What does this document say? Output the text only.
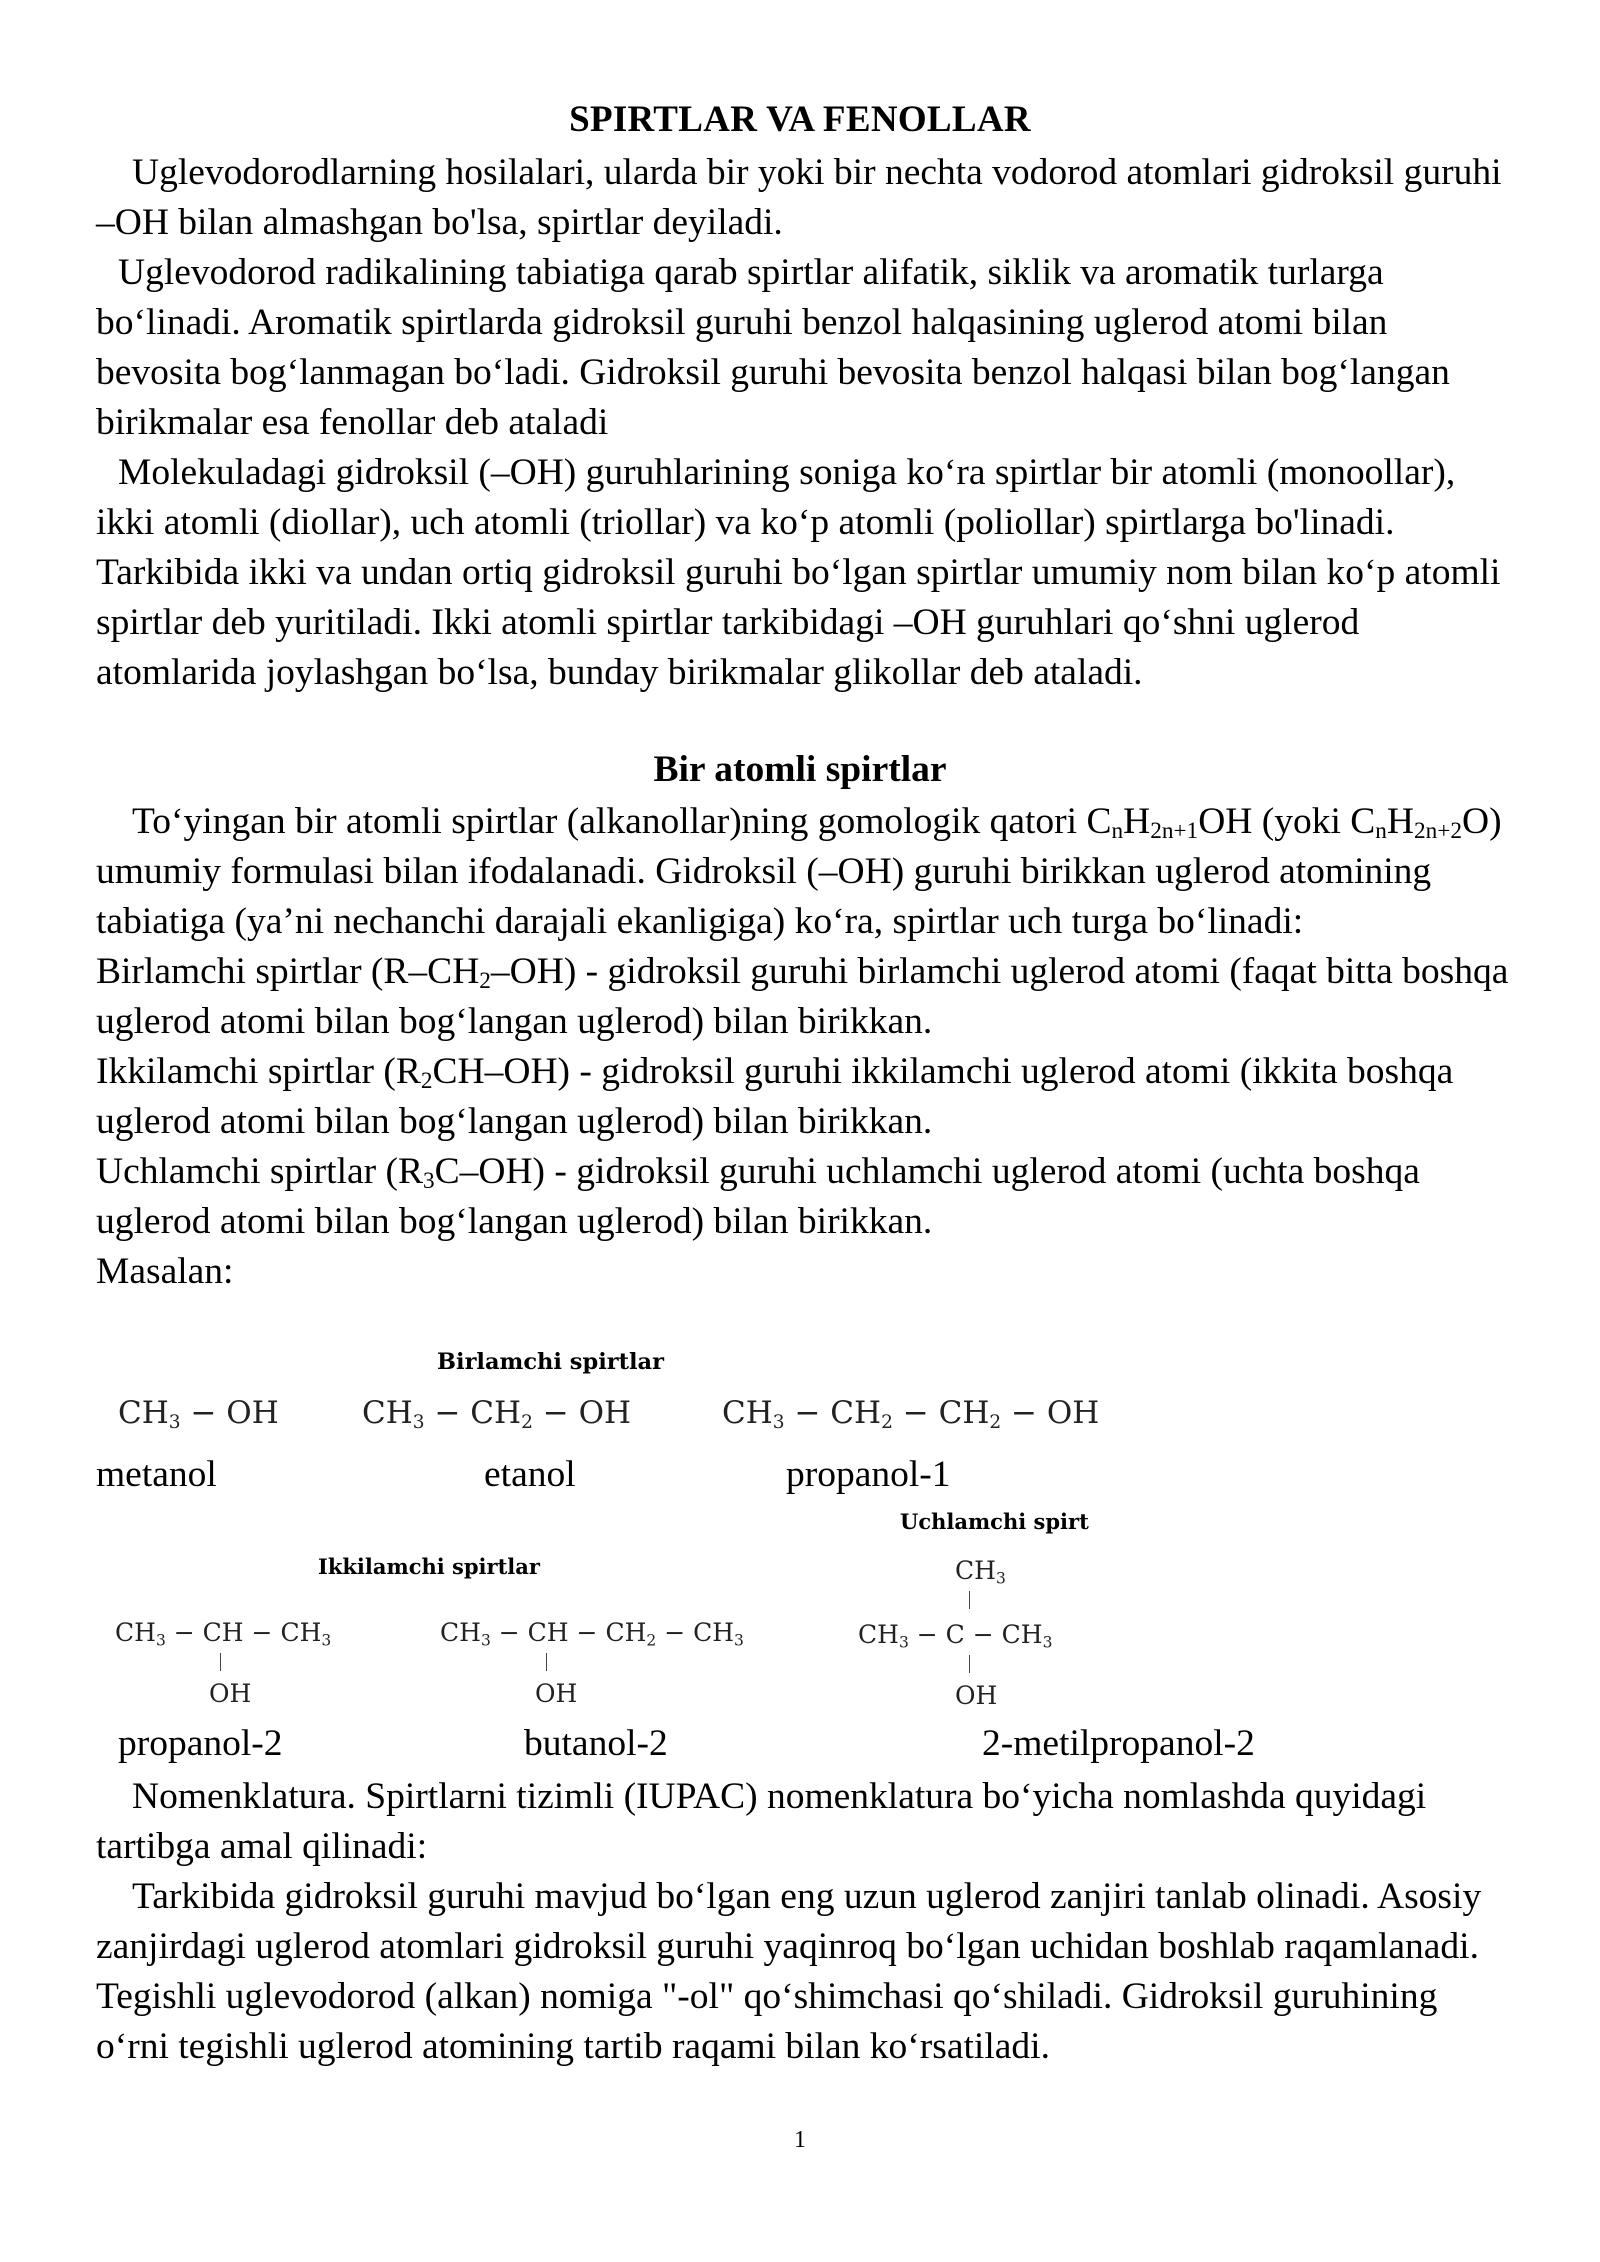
SPIRTLAR VA FENOLLAR

Uglevodorodlarning hosilalari, ularda bir yoki bir nechta vodorod atomlari gidroksil guruhi –OH bilan almashgan bo'lsa, spirtlar deyiladi.

Uglevodorod radikalining tabiatiga qarab spirtlar alifatik, siklik va aromatik turlarga bo‘linadi. Aromatik spirtlarda gidroksil guruhi benzol halqasining uglerod atomi bilan bevosita bog‘lanmagan bo‘ladi. Gidroksil guruhi bevosita benzol halqasi bilan bog‘langan birikmalar esa fenollar deb ataladi

Molekuladagi gidroksil (–OH) guruhlarining soniga ko‘ra spirtlar bir atomli (monoollar), ikki atomli (diollar), uch atomli (triollar) va ko‘p atomli (poliollar) spirtlarga bo'linadi. Tarkibida ikki va undan ortiq gidroksil guruhi bo‘lgan spirtlar umumiy nom bilan ko‘p atomli spirtlar deb yuritiladi. Ikki atomli spirtlar tarkibidagi –OH guruhlari qo‘shni uglerod atomlarida joylashgan bo‘lsa, bunday birikmalar glikollar deb ataladi.

Bir atomli spirtlar

To‘yingan bir atomli spirtlar (alkanollar)ning gomologik qatori $C_nH_{2n+1}OH$ (yoki $C_nH_{2n+2}O$) umumiy formulasi bilan ifodalanadi. Gidroksil (–OH) guruhi birikkan uglerod atomining tabiatiga (ya’ni nechanchi darajali ekanligiga) ko‘ra, spirtlar uch turga bo‘linadi:

Birlamchi spirtlar $(R-CH_2-OH)$ - gidroksil guruhi birlamchi uglerod atomi (faqat bitta boshqa uglerod atomi bilan bog‘langan uglerod) bilan birikkan.

Ikkilamchi spirtlar $(R_2CH-OH)$ - gidroksil guruhi ikkilamchi uglerod atomi (ikkita boshqa uglerod atomi bilan bog‘langan uglerod) bilan birikkan.

Uchlamchi spirtlar $(R_3C-OH)$ - gidroksil guruhi uchlamchi uglerod atomi (uchta boshqa uglerod atomi bilan bog‘langan uglerod) bilan birikkan.

Masalan:

Birlamchi spirtlar
$CH_3$ − OH	$CH_3 - CH_2$ − OH	$CH_3 - CH_2 - CH_2$ − OH
metanol	etanol	propanol-1
Uchlamchi spirt
Ikkilamchi spirtlar
$CH_3$ − CH − $CH_3$
OH
$CH_3$ − CH − $CH_2 - CH_3$
OH
$CH_3$
$CH_3 - C - CH_3$
OH
propanol-2	butanol-2	2-metilpropanol-2

Nomenklatura. Spirtlarni tizimli (IUPAC) nomenklatura bo‘yicha nomlashda quyidagi tartibga amal qilinadi:

Tarkibida gidroksil guruhi mavjud bo‘lgan eng uzun uglerod zanjiri tanlab olinadi. Asosiy zanjirdagi uglerod atomlari gidroksil guruhi yaqinroq bo‘lgan uchidan boshlab raqamlanadi. Tegishli uglevodorod (alkan) nomiga "-ol" qo‘shimchasi qo‘shiladi. Gidroksil guruhining o‘rni tegishli uglerod atomining tartib raqami bilan ko‘rsatiladi.

1
